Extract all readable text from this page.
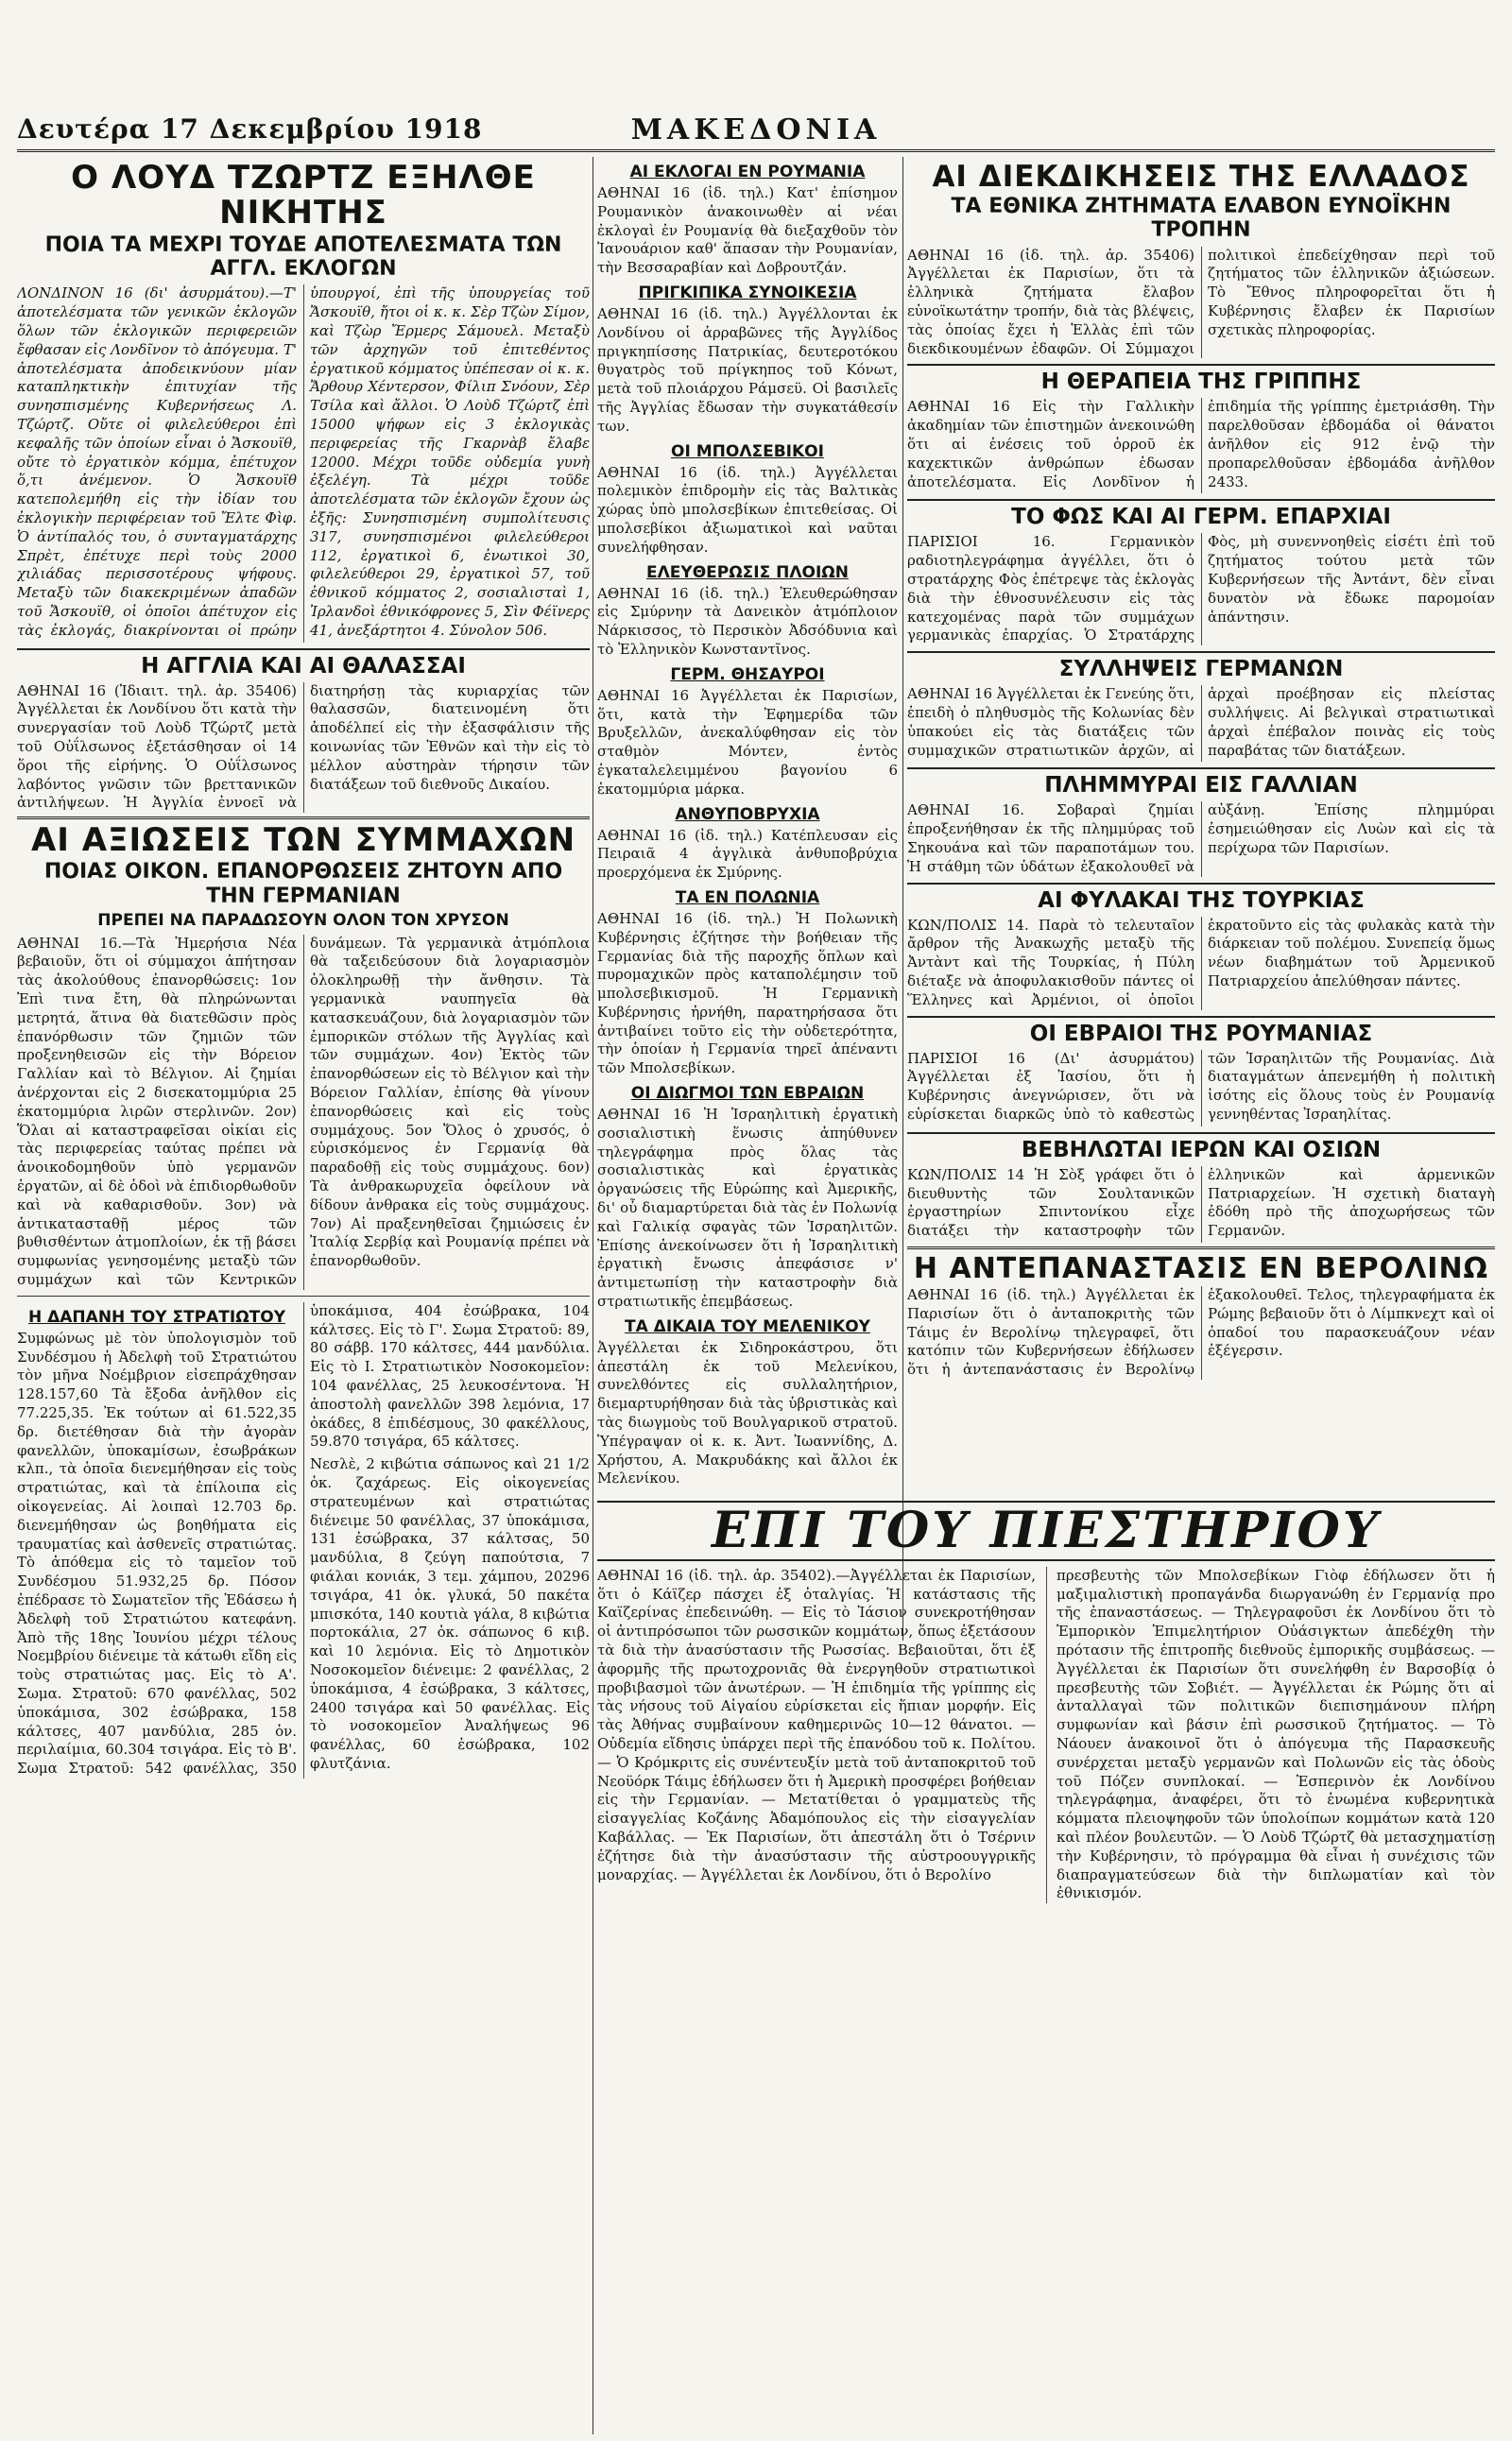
Δευτέρα 17 Δεκεμβρίου 1918	ΜΑΚΕΔΟΝΙΑ
Ο ΛΟΥΔ ΤΖΩΡΤΖ ΕΞΗΛΘΕ ΝΙΚΗΤΗΣ
ΠΟΙΑ ΤΑ ΜΕΧΡΙ ΤΟΥΔΕ ΑΠΟΤΕΛΕΣΜΑΤΑ ΤΩΝ ΑΓΓΛ. ΕΚΛΟΓΩΝ

ΛΟΝΔΙΝΟΝ 16 (δι' ἀσυρμάτου).—Τ' ἀποτελέσματα τῶν γενικῶν ἐκλογῶν ὅλων τῶν ἐκλογικῶν περιφερειῶν ἔφθασαν εἰς Λονδῖνον τὸ ἀπόγευμα. Τ' ἀποτελέσματα ἀποδεικνύουν μίαν καταπληκτικὴν ἐπιτυχίαν τῆς συνησπισμένης Κυβερνήσεως Λ. Τζώρτζ. Οὔτε οἱ φιλελεύθεροι ἐπὶ κεφαλῆς τῶν ὁποίων εἶναι ὁ Ἄσκουϊθ, οὔτε τὸ ἐργατικὸν κόμμα, ἐπέτυχον ὅ,τι ἀνέμενον. Ὁ Ἄσκουϊθ κατεπολεμήθη εἰς τὴν ἰδίαν του ἐκλογικὴν περιφέρειαν τοῦ Ἔλτε Φὶφ. Ὁ ἀντίπαλός του, ὁ συνταγματάρχης Σπρὲτ, ἐπέτυχε περὶ τοὺς 2000 χιλιάδας περισσοτέρους ψήφους. Μεταξὺ τῶν διακεκριμένων ἀπαδῶν τοῦ Ἄσκουϊθ, οἱ ὁποῖοι ἀπέτυχον εἰς τὰς ἐκλογάς, διακρίνονται οἱ πρώην ὑπουργοί, ἐπὶ τῆς ὑπουργείας τοῦ Ἄσκουϊθ, ἤτοι οἱ κ. κ. Σὲρ Τζὼν Σίμον, καὶ Τζὼρ Ἔρμερς Σάμουελ. Μεταξὺ τῶν ἀρχηγῶν τοῦ ἐπιτεθέντος ἐργατικοῦ κόμματος ὑπέπεσαν οἱ κ. κ. Ἄρθουρ Χέντερσον, Φίλιπ Σνόουν, Σὲρ Τσίλα καὶ ἄλλοι. Ὁ Λοὺδ Τζώρτζ ἐπὶ 15000 ψήφων εἰς 3 ἐκλογικὰς περιφερείας τῆς Γκαρνὰβ ἔλαβε 12000. Μέχρι τοῦδε οὐδεμία γυνὴ ἐξελέγη. Τὰ μέχρι τοῦδε ἀποτελέσματα τῶν ἐκλογῶν ἔχουν ὡς ἑξῆς: Συνησπισμένη συμπολίτευσις 317, συνησπισμένοι φιλελεύθεροι 112, ἐργατικοὶ 6, ἐνωτικοὶ 30, φιλελεύθεροι 29, ἐργατικοὶ 57, τοῦ ἐθνικοῦ κόμματος 2, σοσιαλισταὶ 1, Ἰρλανδοὶ ἐθνικόφρονες 5, Σὶν Φέϊνερς 41, ἀνεξάρτητοι 4. Σύνολον 506.

Η ΑΓΓΛΙΑ ΚΑΙ ΑΙ ΘΑΛΑΣΣΑΙ

ΑΘΗΝΑΙ 16 (Ἰδιαιτ. τηλ. ἀρ. 35406) Ἀγγέλλεται ἐκ Λονδίνου ὅτι κατὰ τὴν συνεργασίαν τοῦ Λοὺδ Τζώρτζ μετὰ τοῦ Οὐΐλσωνος ἐξετάσθησαν οἱ 14 ὅροι τῆς εἰρήνης. Ὁ Οὐΐλσωνος λαβόντος γνῶσιν τῶν βρεττανικῶν ἀντιλήψεων. Ἡ Ἀγγλία ἐννοεῖ νὰ διατηρήσῃ τὰς κυριαρχίας τῶν θαλασσῶν, διατεινομένη ὅτι ἀποδέλπεί εἰς τὴν ἐξασφάλισιν τῆς κοινωνίας τῶν Ἐθνῶν καὶ τὴν εἰς τὸ μέλλον αὐστηρὰν τήρησιν τῶν διατάξεων τοῦ διεθνοῦς Δικαίου.

ΑΙ ΑΞΙΩΣΕΙΣ ΤΩΝ ΣΥΜΜΑΧΩΝ
ΠΟΙΑΣ ΟΙΚΟΝ. ΕΠΑΝΟΡΘΩΣΕΙΣ ΖΗΤΟΥΝ ΑΠΟ ΤΗΝ ΓΕΡΜΑΝΙΑΝ
ΠΡΕΠΕΙ ΝΑ ΠΑΡΑΔΩΣΟΥΝ ΟΛΟΝ ΤΟΝ ΧΡΥΣΟΝ

ΑΘΗΝΑΙ 16.—Τὰ Ἡμερήσια Νέα βεβαιοῦν, ὅτι οἱ σύμμαχοι ἀπήτησαν τὰς ἀκολούθους ἐπανορθώσεις: 1ον Ἐπὶ τινα ἔτη, θὰ πληρώνωνται μετρητά, ἅτινα θὰ διατεθῶσιν πρὸς ἐπανόρθωσιν τῶν ζημιῶν τῶν προξενηθεισῶν εἰς τὴν Βόρειον Γαλλίαν καὶ τὸ Βέλγιον. Αἱ ζημίαι ἀνέρχονται εἰς 2 δισεκατομμύρια 25 ἑκατομμύρια λιρῶν στερλινῶν. 2ον) Ὅλαι αἱ καταστραφεῖσαι οἰκίαι εἰς τὰς περιφερείας ταύτας πρέπει νὰ ἀνοικοδομηθοῦν ὑπὸ γερμανῶν ἐργατῶν, αἱ δὲ ὁδοὶ νὰ ἐπιδιορθωθοῦν καὶ νὰ καθαρισθοῦν. 3ον) νὰ ἀντικατασταθῇ μέρος τῶν βυθισθέντων ἀτμοπλοίων, ἐκ τῇ βάσει συμφωνίας γενησομένης μεταξὺ τῶν συμμάχων καὶ τῶν Κεντρικῶν δυνάμεων. Τὰ γερμανικὰ ἀτμόπλοια θὰ ταξειδεύσουν διὰ λογαριασμὸν ὁλοκληρωθῇ τὴν ἄνθησιν. Τὰ γερμανικὰ ναυπηγεῖα θὰ κατασκευάζουν, διὰ λογαριασμὸν τῶν ἐμπορικῶν στόλων τῆς Ἀγγλίας καὶ τῶν συμμάχων. 4ον) Ἐκτὸς τῶν ἐπανορθώσεων εἰς τὸ Βέλγιον καὶ τὴν Βόρειον Γαλλίαν, ἐπίσης θὰ γίνουν ἐπανορθώσεις καὶ εἰς τοὺς συμμάχους. 5ον Ὅλος ὁ χρυσός, ὁ εὑρισκόμενος ἐν Γερμανίᾳ θὰ παραδοθῇ εἰς τοὺς συμμάχους. 6ον) Τὰ ἀνθρακωρυχεῖα ὀφείλουν νὰ δίδουν ἀνθρακα εἰς τοὺς συμμάχους. 7ον) Αἱ πραξενηθεῖσαι ζημιώσεις ἐν Ἰταλίᾳ Σερβίᾳ καὶ Ρουμανίᾳ πρέπει νὰ ἐπανορθωθοῦν.

Η ΔΑΠΑΝΗ ΤΟΥ ΣΤΡΑΤΙΩΤΟΥ

Συμφώνως μὲ τὸν ὑπολογισμὸν τοῦ Συνδέσμου ἡ Ἀδελφὴ τοῦ Στρατιώτου τὸν μῆνα Νοέμβριον εἰσεπράχθησαν 128.157,60 Τὰ ἔξοδα ἀνῆλθον εἰς 77.225,35. Ἐκ τούτων αἱ 61.522,35 δρ. διετέθησαν διὰ τὴν ἀγορὰν φανελλῶν, ὑποκαμίσων, ἐσωβράκων κλπ., τὰ ὁποῖα διενεμήθησαν εἰς τοὺς στρατιώτας, καὶ τὰ ἐπίλοιπα εἰς οἰκογενείας. Αἱ λοιπαὶ 12.703 δρ. διενεμήθησαν ὡς βοηθήματα εἰς τραυματίας καὶ ἀσθενεῖς στρατιώτας. Τὸ ἀπόθεμα εἰς τὸ ταμεῖον τοῦ Συνδέσμου 51.932,25 δρ. Πόσον ἐπέδρασε τὸ Σωματεῖον τῆς Ἐδάσεω ἡ Ἀδελφὴ τοῦ Στρατιώτου κατεφάνη. Ἀπὸ τῆς 18ης Ἰουνίου μέχρι τέλους Νοεμβρίου διένειμε τὰ κάτωθι εἴδη εἰς τοὺς στρατιώτας μας. Εἰς τὸ Α'. Σωμα. Στρατοῦ: 670 φανέλλας, 502 ὑποκάμισα, 302 ἐσώβρακα, 158 κάλτσες, 407 μανδύλια, 285 ὁν. περιλαίμια, 60.304 τσιγάρα. Εἰς τὸ Β'. Σωμα Στρατοῦ: 542 φανέλλας, 350 ὑποκάμισα, 404 ἐσώβρακα, 104 κάλτσες. Εἰς τὸ Γ'. Σωμα Στρατοῦ: 89, 80 σάββ. 170 κάλτσες, 444 μανδύλια. Εἰς τὸ Ι. Στρατιωτικὸν Νοσοκομεῖον: 104 φανέλλας, 25 λευκοσέντονα. Ἡ ἀποστολὴ φανελλῶν 398 λεμόνια, 17 ὀκάδες, 8 ἐπιδέσμους, 30 φακέλλους, 59.870 τσιγάρα, 65 κάλτσες.

Νεσλὲ, 2 κιβώτια σάπωνος καὶ 21 1/2 ὀκ. ζαχάρεως. Εἰς οἰκογενείας στρατευμένων καὶ στρατιώτας διένειμε 50 φανέλλας, 37 ὑποκάμισα, 131 ἐσώβρακα, 37 κάλτσας, 50 μανδύλια, 8 ζεύγη παπούτσια, 7 φιάλαι κονιάκ, 3 τεμ. χάμπου, 20296 τσιγάρα, 41 ὀκ. γλυκά, 50 πακέτα μπισκότα, 140 κουτιὰ γάλα, 8 κιβώτια πορτοκάλια, 27 ὀκ. σάπωνος 6 κιβ. καὶ 10 λεμόνια. Εἰς τὸ Δημοτικὸν Νοσοκομεῖον διένειμε: 2 φανέλλας, 2 ὑποκάμισα, 4 ἐσώβρακα, 3 κάλτσες, 2400 τσιγάρα καὶ 50 φανέλλας. Εἰς τὸ νοσοκομεῖον Ἀναλήψεως 96 φανέλλας, 60 ἐσώβρακα, 102 φλυτζάνια.

ΑΙ ΕΚΛΟΓΑΙ ΕΝ ΡΟΥΜΑΝΙΑ

ΑΘΗΝΑΙ 16 (ἰδ. τηλ.) Κατ' ἐπίσημον Ρουμανικὸν ἀνακοινωθὲν αἱ νέαι ἐκλογαὶ ἐν Ρουμανίᾳ θὰ διεξαχθοῦν τὸν Ἰανουάριον καθ' ἅπασαν τὴν Ρουμανίαν, τὴν Βεσσαραβίαν καὶ Δοβρουτζάν.

ΠΡΙΓΚΙΠΙΚΑ ΣΥΝΟΙΚΕΣΙΑ

ΑΘΗΝΑΙ 16 (ἰδ. τηλ.) Ἀγγέλλονται ἐκ Λονδίνου οἱ ἀρραβῶνες τῆς Ἀγγλίδος πριγκηπίσσης Πατρικίας, δευτεροτόκου θυγατρὸς τοῦ πρίγκηπος τοῦ Κόνωτ, μετὰ τοῦ πλοιάρχου Ράμσεϋ. Οἱ βασιλεῖς τῆς Ἀγγλίας ἔδωσαν τὴν συγκατάθεσίν των.

ΟΙ ΜΠΟΛΣΕΒΙΚΟΙ

ΑΘΗΝΑΙ 16 (ἰδ. τηλ.) Ἀγγέλλεται πολεμικὸν ἐπιδρομὴν εἰς τὰς Βαλτικὰς χώρας ὑπὸ μπολσεβίκων ἐπιτεθείσας. Οἱ μπολσεβίκοι ἀξιωματικοὶ καὶ ναῦται συνελήφθησαν.

ΕΛΕΥΘΕΡΩΣΙΣ ΠΛΟΙΩΝ

ΑΘΗΝΑΙ 16 (ἰδ. τηλ.) Ἐλευθερώθησαν εἰς Σμύρνην τὰ Δανεικὸν ἀτμόπλοιον Νάρκισσος, τὸ Περσικὸν Ἀδσόδυνια καὶ τὸ Ἑλληνικὸν Κωνσταντῖνος.

ΓΕΡΜ. ΘΗΣΑΥΡΟΙ

ΑΘΗΝΑΙ 16 Ἀγγέλλεται ἐκ Παρισίων, ὅτι, κατὰ τὴν Ἐφημερίδα τῶν Βρυξελλῶν, ἀνεκαλύφθησαν εἰς τὸν σταθμὸν Μόντεν, ἐντὸς ἐγκαταλελειμμένου βαγονίου 6 ἑκατομμύρια μάρκα.

ΑΝΘΥΠΟΒΡΥΧΙΑ

ΑΘΗΝΑΙ 16 (ἰδ. τηλ.) Κατέπλευσαν εἰς Πειραιᾶ 4 ἀγγλικὰ ἀνθυποβρύχια προερχόμενα ἐκ Σμύρνης.

ΤΑ ΕΝ ΠΟΛΩΝΙΑ

ΑΘΗΝΑΙ 16 (ἰδ. τηλ.) Ἡ Πολωνικὴ Κυβέρνησις ἐζήτησε τὴν βοήθειαν τῆς Γερμανίας διὰ τῆς παροχῆς ὅπλων καὶ πυρομαχικῶν πρὸς καταπολέμησιν τοῦ μπολσεβικισμοῦ. Ἡ Γερμανικὴ Κυβέρνησις ἠρνήθη, παρατηρήσασα ὅτι ἀντιβαίνει τοῦτο εἰς τὴν οὐδετερότητα, τὴν ὁποίαν ἡ Γερμανία τηρεῖ ἀπέναντι τῶν Μπολσεβίκων.

ΟΙ ΔΙΩΓΜΟΙ ΤΩΝ ΕΒΡΑΙΩΝ

ΑΘΗΝΑΙ 16 Ἡ Ἰσραηλιτικὴ ἐργατικὴ σοσιαλιστικὴ ἕνωσις ἀπηύθυνεν τηλεγράφημα πρὸς ὅλας τὰς σοσιαλιστικὰς καὶ ἐργατικὰς ὀργανώσεις τῆς Εὐρώπης καὶ Ἀμερικῆς, δι' οὗ διαμαρτύρεται διὰ τὰς ἐν Πολωνίᾳ καὶ Γαλικίᾳ σφαγὰς τῶν Ἰσραηλιτῶν. Ἐπίσης ἀνεκοίνωσεν ὅτι ἡ Ἰσραηλιτικὴ ἐργατικὴ ἕνωσις ἀπεφάσισε ν' ἀντιμετωπίσῃ τὴν καταστροφὴν διὰ στρατιωτικῆς ἐπεμβάσεως.

ΤΑ ΔΙΚΑΙΑ ΤΟΥ ΜΕΛΕΝΙΚΟΥ

Ἀγγέλλεται ἐκ Σιδηροκάστρου, ὅτι ἀπεστάλη ἐκ τοῦ Μελενίκου, συνελθόντες εἰς συλλαλητήριον, διεμαρτυρήθησαν διὰ τὰς ὑβριστικὰς καὶ τὰς διωγμοὺς τοῦ Βουλγαρικοῦ στρατοῦ. Ὑπέγραψαν οἱ κ. κ. Ἀντ. Ἰωαννίδης, Δ. Χρήστου, Α. Μακρυδάκης καὶ ἄλλοι ἐκ Μελενίκου.

ΑΙ ΔΙΕΚΔΙΚΗΣΕΙΣ ΤΗΣ ΕΛΛΑΔΟΣ
ΤΑ ΕΘΝΙΚΑ ΖΗΤΗΜΑΤΑ ΕΛΑΒΟΝ ΕΥΝΟΪΚΗΝ ΤΡΟΠΗΝ

ΑΘΗΝΑΙ 16 (ἰδ. τηλ. ἀρ. 35406) Ἀγγέλλεται ἐκ Παρισίων, ὅτι τὰ ἑλληνικὰ ζητήματα ἔλαβον εὐνοϊκωτάτην τροπήν, διὰ τὰς βλέψεις, τὰς ὁποίας ἔχει ἡ Ἑλλὰς ἐπὶ τῶν διεκδικουμένων ἐδαφῶν. Οἱ Σύμμαχοι πολιτικοὶ ἐπεδείχθησαν περὶ τοῦ ζητήματος τῶν ἑλληνικῶν ἀξιώσεων. Τὸ Ἔθνος πληροφορεῖται ὅτι ἡ Κυβέρνησις ἔλαβεν ἐκ Παρισίων σχετικὰς πληροφορίας.

Η ΘΕΡΑΠΕΙΑ ΤΗΣ ΓΡΙΠΠΗΣ

ΑΘΗΝΑΙ 16 Εἰς τὴν Γαλλικὴν ἀκαδημίαν τῶν ἐπιστημῶν ἀνεκοινώθη ὅτι αἱ ἐνέσεις τοῦ ὀρροῦ ἐκ καχεκτικῶν ἀνθρώπων ἐδωσαν ἀποτελέσματα. Εἰς Λονδῖνον ἡ ἐπιδημία τῆς γρίππης ἐμετριάσθη. Τὴν παρελθοῦσαν ἑβδομάδα οἱ θάνατοι ἀνῆλθον εἰς 912 ἐνῷ τὴν προπαρελθοῦσαν ἑβδομάδα ἀνῆλθον 2433.

ΤΟ ΦΩΣ ΚΑΙ ΑΙ ΓΕΡΜ. ΕΠΑΡΧΙΑΙ

ΠΑΡΙΣΙΟΙ 16. Γερμανικὸν ραδιοτηλεγράφημα ἀγγέλλει, ὅτι ὁ στρατάρχης Φὸς ἐπέτρεψε τὰς ἐκλογὰς διὰ τὴν ἐθνοσυνέλευσιν εἰς τὰς κατεχομένας παρὰ τῶν συμμάχων γερμανικὰς ἐπαρχίας. Ὁ Στρατάρχης Φὸς, μὴ συνεννοηθεὶς εἰσέτι ἐπὶ τοῦ ζητήματος τούτου μετὰ τῶν Κυβερνήσεων τῆς Ἀντάντ, δὲν εἶναι δυνατὸν νὰ ἔδωκε παρομοίαν ἀπάντησιν.

ΣΥΛΛΗΨΕΙΣ ΓΕΡΜΑΝΩΝ

ΑΘΗΝΑΙ 16 Ἀγγέλλεται ἐκ Γενεύης ὅτι, ἐπειδὴ ὁ πληθυσμὸς τῆς Κολωνίας δὲν ὑπακούει εἰς τὰς διατάξεις τῶν συμμαχικῶν στρατιωτικῶν ἀρχῶν, αἱ ἀρχαὶ προέβησαν εἰς πλείστας συλλήψεις. Αἱ βελγικαὶ στρατιωτικαὶ ἀρχαὶ ἐπέβαλον ποινὰς εἰς τοὺς παραβάτας τῶν διατάξεων.

ΠΛΗΜΜΥΡΑΙ ΕΙΣ ΓΑΛΛΙΑΝ

ΑΘΗΝΑΙ 16. Σοβαραὶ ζημίαι ἐπροξενήθησαν ἐκ τῆς πλημμύρας τοῦ Σηκουάνα καὶ τῶν παραποτάμων του. Ἡ στάθμη τῶν ὑδάτων ἐξακολουθεῖ νὰ αὐξάνῃ. Ἐπίσης πλημμύραι ἐσημειώθησαν εἰς Λυὼν καὶ εἰς τὰ περίχωρα τῶν Παρισίων.

ΑΙ ΦΥΛΑΚΑΙ ΤΗΣ ΤΟΥΡΚΙΑΣ

ΚΩΝ/ΠΟΛΙΣ 14. Παρὰ τὸ τελευταῖον ἄρθρον τῆς Ἀνακωχῆς μεταξὺ τῆς Ἀντὰντ καὶ τῆς Τουρκίας, ἡ Πύλη διέταξε νὰ ἀποφυλακισθοῦν πάντες οἱ Ἕλληνες καὶ Ἀρμένιοι, οἱ ὁποῖοι ἐκρατοῦντο εἰς τὰς φυλακὰς κατὰ τὴν διάρκειαν τοῦ πολέμου. Συνεπείᾳ ὅμως νέων διαβημάτων τοῦ Ἀρμενικοῦ Πατριαρχείου ἀπελύθησαν πάντες.

ΟΙ ΕΒΡΑΙΟΙ ΤΗΣ ΡΟΥΜΑΝΙΑΣ

ΠΑΡΙΣΙΟΙ 16 (Δι' ἀσυρμάτου) Ἀγγέλλεται ἐξ Ἰασίου, ὅτι ἡ Κυβέρνησις ἀνεγνώρισεν, ὅτι νὰ εὑρίσκεται διαρκῶς ὑπὸ τὸ καθεστὼς τῶν Ἰσραηλιτῶν τῆς Ρουμανίας. Διὰ διαταγμάτων ἀπενεμήθη ἡ πολιτικὴ ἰσότης εἰς ὅλους τοὺς ἐν Ρουμανίᾳ γεννηθέντας Ἰσραηλίτας.

ΒΕΒΗΛΩΤΑΙ ΙΕΡΩΝ ΚΑΙ ΟΣΙΩΝ

ΚΩΝ/ΠΟΛΙΣ 14 Ἡ Σὸξ γράφει ὅτι ὁ διευθυντὴς τῶν Σουλτανικῶν ἐργαστηρίων Σπιντονίκου εἶχε διατάξει τὴν καταστροφὴν τῶν ἑλληνικῶν καὶ ἀρμενικῶν Πατριαρχείων. Ἡ σχετικὴ διαταγὴ ἐδόθη πρὸ τῆς ἀποχωρήσεως τῶν Γερμανῶν.

Η ΑΝΤΕΠΑΝΑΣΤΑΣΙΣ ΕΝ ΒΕΡΟΛΙΝΩ

ΑΘΗΝΑΙ 16 (ἰδ. τηλ.) Ἀγγέλλεται ἐκ Παρισίων ὅτι ὁ ἀνταποκριτὴς τῶν Τάιμς ἐν Βερολίνῳ τηλεγραφεῖ, ὅτι κατόπιν τῶν Κυβερνήσεων ἐδήλωσεν ὅτι ἡ ἀντεπανάστασις ἐν Βερολίνῳ ἐξακολουθεῖ. Τελος, τηλεγραφήματα ἐκ Ρώμης βεβαιοῦν ὅτι ὁ Λίμπκνεχτ καὶ οἱ ὀπαδοί του παρασκευάζουν νέαν ἐξέγερσιν.

ΕΠΙ ΤΟΥ ΠΙΕΣΤΗΡΙΟΥ

ΑΘΗΝΑΙ 16 (ἰδ. τηλ. ἀρ. 35402).—Ἀγγέλλεται ἐκ Παρισίων, ὅτι ὁ Κάϊζερ πάσχει ἐξ ὀταλγίας. Ἡ κατάστασις τῆς Καϊζερίνας ἐπεδεινώθη. — Εἰς τὸ Ἰάσιον συνεκροτήθησαν οἱ ἀντιπρόσωποι τῶν ρωσσικῶν κομμάτων, ὅπως ἐξετάσουν τὰ διὰ τὴν ἀνασύστασιν τῆς Ρωσσίας. Βεβαιοῦται, ὅτι ἐξ ἀφορμῆς τῆς πρωτοχρονιᾶς θὰ ἐνεργηθοῦν στρατιωτικοὶ προβιβασμοὶ τῶν ἀνωτέρων. — Ἡ ἐπιδημία τῆς γρίππης εἰς τὰς νήσους τοῦ Αἰγαίου εὑρίσκεται εἰς ἥπιαν μορφήν. Εἰς τὰς Ἀθήνας συμβαίνουν καθημερινῶς 10—12 θάνατοι. — Οὐδεμία εἴδησις ὑπάρχει περὶ τῆς ἐπανόδου τοῦ κ. Πολίτου. — Ὁ Κρόμκριτς εἰς συνέντευξίν μετὰ τοῦ ἀνταποκριτοῦ τοῦ Νεοϋόρκ Τάιμς ἐδήλωσεν ὅτι ἡ Ἀμερικὴ προσφέρει βοήθειαν εἰς τὴν Γερμανίαν. — Μετατίθεται ὁ γραμματεὺς τῆς εἰσαγγελίας Κοζάνης Ἀδαμόπουλος εἰς τὴν εἰσαγγελίαν Καβάλλας. — Ἐκ Παρισίων, ὅτι ἀπεστάλη ὅτι ὁ Τσέρνιν ἐζήτησε διὰ τὴν ἀνασύστασιν τῆς αὐστροουγγρικῆς μοναρχίας. — Ἀγγέλλεται ἐκ Λονδίνου, ὅτι ὁ Βερολίνο

πρεσβευτὴς τῶν Μπολσεβίκων Γιὸφ ἐδήλωσεν ὅτι ἡ μαξιμαλιστικὴ προπαγάνδα διωργανώθη ἐν Γερμανίᾳ προ τῆς ἐπαναστάσεως. — Τηλεγραφοῦσι ἐκ Λονδίνου ὅτι τὸ Ἐμπορικὸν Ἐπιμελητήριον Οὐάσιγκτων ἀπεδέχθη τὴν πρότασιν τῆς ἐπιτροπῆς διεθνοῦς ἐμπορικῆς συμβάσεως. — Ἀγγέλλεται ἐκ Παρισίων ὅτι συνελήφθη ἐν Βαρσοβίᾳ ὁ πρεσβευτὴς τῶν Σοβιέτ. — Ἀγγέλλεται ἐκ Ρώμης ὅτι αἱ ἀνταλλαγαὶ τῶν πολιτικῶν διεπισημάνουν πλήρη συμφωνίαν καὶ βάσιν ἐπὶ ρωσσικοῦ ζητήματος. — Τὸ Νάουεν ἀνακοινοῖ ὅτι ὁ ἀπόγευμα τῆς Παρασκευῆς συνέρχεται μεταξὺ γερμανῶν καὶ Πολωνῶν εἰς τὰς ὁδοὺς τοῦ Πόζεν συνπλοκαί. — Ἐσπερινὸν ἐκ Λονδίνου τηλεγράφημα, ἀναφέρει, ὅτι τὸ ἑνωμένα κυβερνητικὰ κόμματα πλειοψηφοῦν τῶν ὑπολοίπων κομμάτων κατὰ 120 καὶ πλέον βουλευτῶν. — Ὁ Λοὺδ Τζώρτζ θὰ μετασχηματίσῃ τὴν Κυβέρνησιν, τὸ πρόγραμμα θὰ εἶναι ἡ συνέχισις τῶν διαπραγματεύσεων διὰ τὴν διπλωματίαν καὶ τὸν ἐθνικισμόν.
